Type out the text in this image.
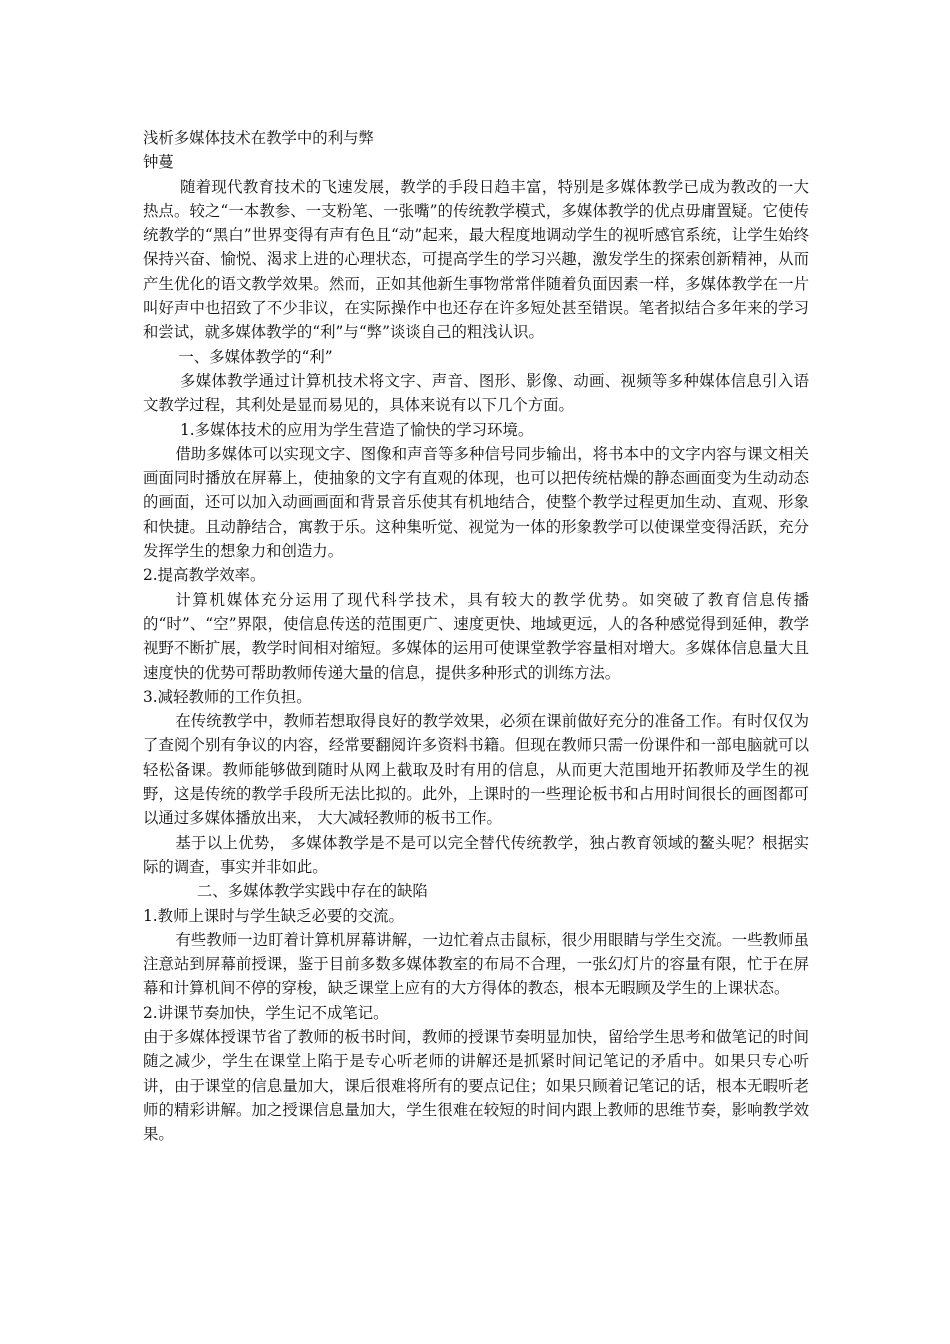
浅析多媒体技术在教学中的利与弊

钟蔓

随着现代教育技术的飞速发展，教学的手段日趋丰富，特别是多媒体教学已成为教改的一大热点。较之“一本教参、一支粉笔、一张嘴”的传统教学模式，多媒体教学的优点毋庸置疑。它使传统教学的“黑白”世界变得有声有色且“动”起来，最大程度地调动学生的视听感官系统，让学生始终保持兴奋、愉悦、渴求上进的心理状态，可提高学生的学习兴趣，激发学生的探索创新精神，从而产生优化的语文教学效果。然而，正如其他新生事物常常伴随着负面因素一样，多媒体教学在一片叫好声中也招致了不少非议，在实际操作中也还存在许多短处甚至错误。笔者拟结合多年来的学习和尝试，就多媒体教学的“利”与“弊”谈谈自己的粗浅认识。

一、多媒体教学的“利”

多媒体教学通过计算机技术将文字、声音、图形、影像、动画、视频等多种媒体信息引入语文教学过程，其利处是显而易见的，具体来说有以下几个方面。

1.多媒体技术的应用为学生营造了愉快的学习环境。

借助多媒体可以实现文字、图像和声音等多种信号同步输出，将书本中的文字内容与课文相关画面同时播放在屏幕上，使抽象的文字有直观的体现，也可以把传统枯燥的静态画面变为生动动态的画面，还可以加入动画画面和背景音乐使其有机地结合，使整个教学过程更加生动、直观、形象和快捷。且动静结合，寓教于乐。这种集听觉、视觉为一体的形象教学可以使课堂变得活跃，充分发挥学生的想象力和创造力。

2.提高教学效率。

计算机媒体充分运用了现代科学技术，具有较大的教学优势。如突破了教育信息传播的“时”、“空”界限，使信息传送的范围更广、速度更快、地域更远，人的各种感觉得到延伸，教学视野不断扩展，教学时间相对缩短。多媒体的运用可使课堂教学容量相对增大。多媒体信息量大且速度快的优势可帮助教师传递大量的信息，提供多种形式的训练方法。

3.减轻教师的工作负担。

在传统教学中，教师若想取得良好的教学效果，必须在课前做好充分的准备工作。有时仅仅为了查阅个别有争议的内容，经常要翻阅许多资料书籍。但现在教师只需一份课件和一部电脑就可以轻松备课。教师能够做到随时从网上截取及时有用的信息，从而更大范围地开拓教师及学生的视野，这是传统的教学手段所无法比拟的。此外，上课时的一些理论板书和占用时间很长的画图都可以通过多媒体播放出来， 大大减轻教师的板书工作。

基于以上优势， 多媒体教学是不是可以完全替代传统教学，独占教育领域的鳌头呢？根据实际的调查，事实并非如此。

二、多媒体教学实践中存在的缺陷

1.教师上课时与学生缺乏必要的交流。

有些教师一边盯着计算机屏幕讲解，一边忙着点击鼠标，很少用眼睛与学生交流。一些教师虽注意站到屏幕前授课，鉴于目前多数多媒体教室的布局不合理，一张幻灯片的容量有限，忙于在屏幕和计算机间不停的穿梭，缺乏课堂上应有的大方得体的教态，根本无暇顾及学生的上课状态。

2.讲课节奏加快，学生记不成笔记。

由于多媒体授课节省了教师的板书时间，教师的授课节奏明显加快，留给学生思考和做笔记的时间随之减少，学生在课堂上陷于是专心听老师的讲解还是抓紧时间记笔记的矛盾中。如果只专心听讲，由于课堂的信息量加大，课后很难将所有的要点记住；如果只顾着记笔记的话，根本无暇听老师的精彩讲解。加之授课信息量加大，学生很难在较短的时间内跟上教师的思维节奏，影响教学效果。
